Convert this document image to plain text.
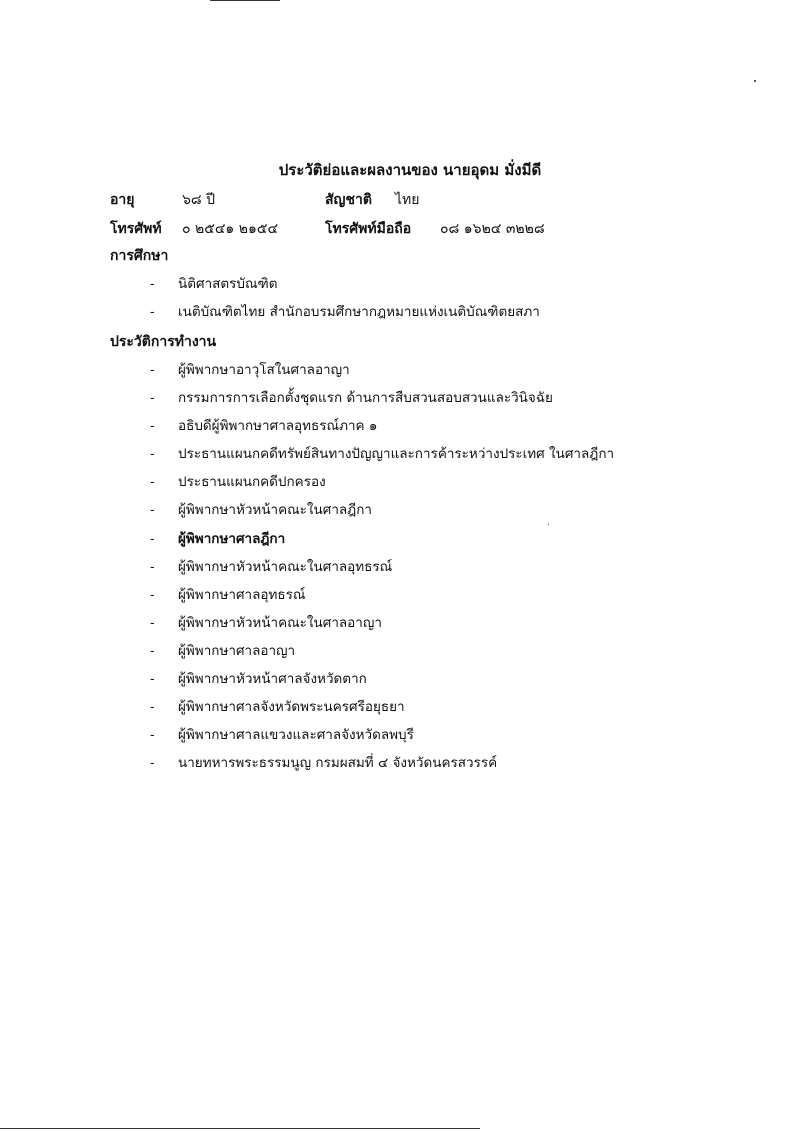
ประวัติย่อและผลงานของ นายอุดม มั่งมีดี
อายุ	๖๘ ปี	สัญชาติ ไทย
โทรศัพท์ ๐ ๒๕๔๑ ๒๑๕๔	โทรศัพท์มือถือ ๐๘ ๑๖๒๔ ๓๒๒๘
การศึกษา
- นิติศาสตรบัณฑิต
- เนติบัณฑิตไทย สำนักอบรมศึกษากฎหมายแห่งเนติบัณฑิตยสภา
ประวัติการทำงาน
- ผู้พิพากษาอาวุโสในศาลอาญา
- กรรมการการเลือกตั้งชุดแรก ด้านการสืบสวนสอบสวนและวินิจฉัย
- อธิบดีผู้พิพากษาศาลอุทธรณ์ภาค ๑
- ประธานแผนกคดีทรัพย์สินทางปัญญาและการค้าระหว่างประเทศ ในศาลฎีกา
- ประธานแผนกคดีปกครอง
- ผู้พิพากษาหัวหน้าคณะในศาลฎีกา
- ผู้พิพากษาศาลฎีกา
- ผู้พิพากษาหัวหน้าคณะในศาลอุทธรณ์
- ผู้พิพากษาศาลอุทธรณ์
- ผู้พิพากษาหัวหน้าคณะในศาลอาญา
- ผู้พิพากษาศาลอาญา
- ผู้พิพากษาหัวหน้าศาลจังหวัดตาก
- ผู้พิพากษาศาลจังหวัดพระนครศรีอยุธยา
- ผู้พิพากษาศาลแขวงและศาลจังหวัดลพบุรี
- นายทหารพระธรรมนูญ กรมผสมที่ ๔ จังหวัดนครสวรรค์
